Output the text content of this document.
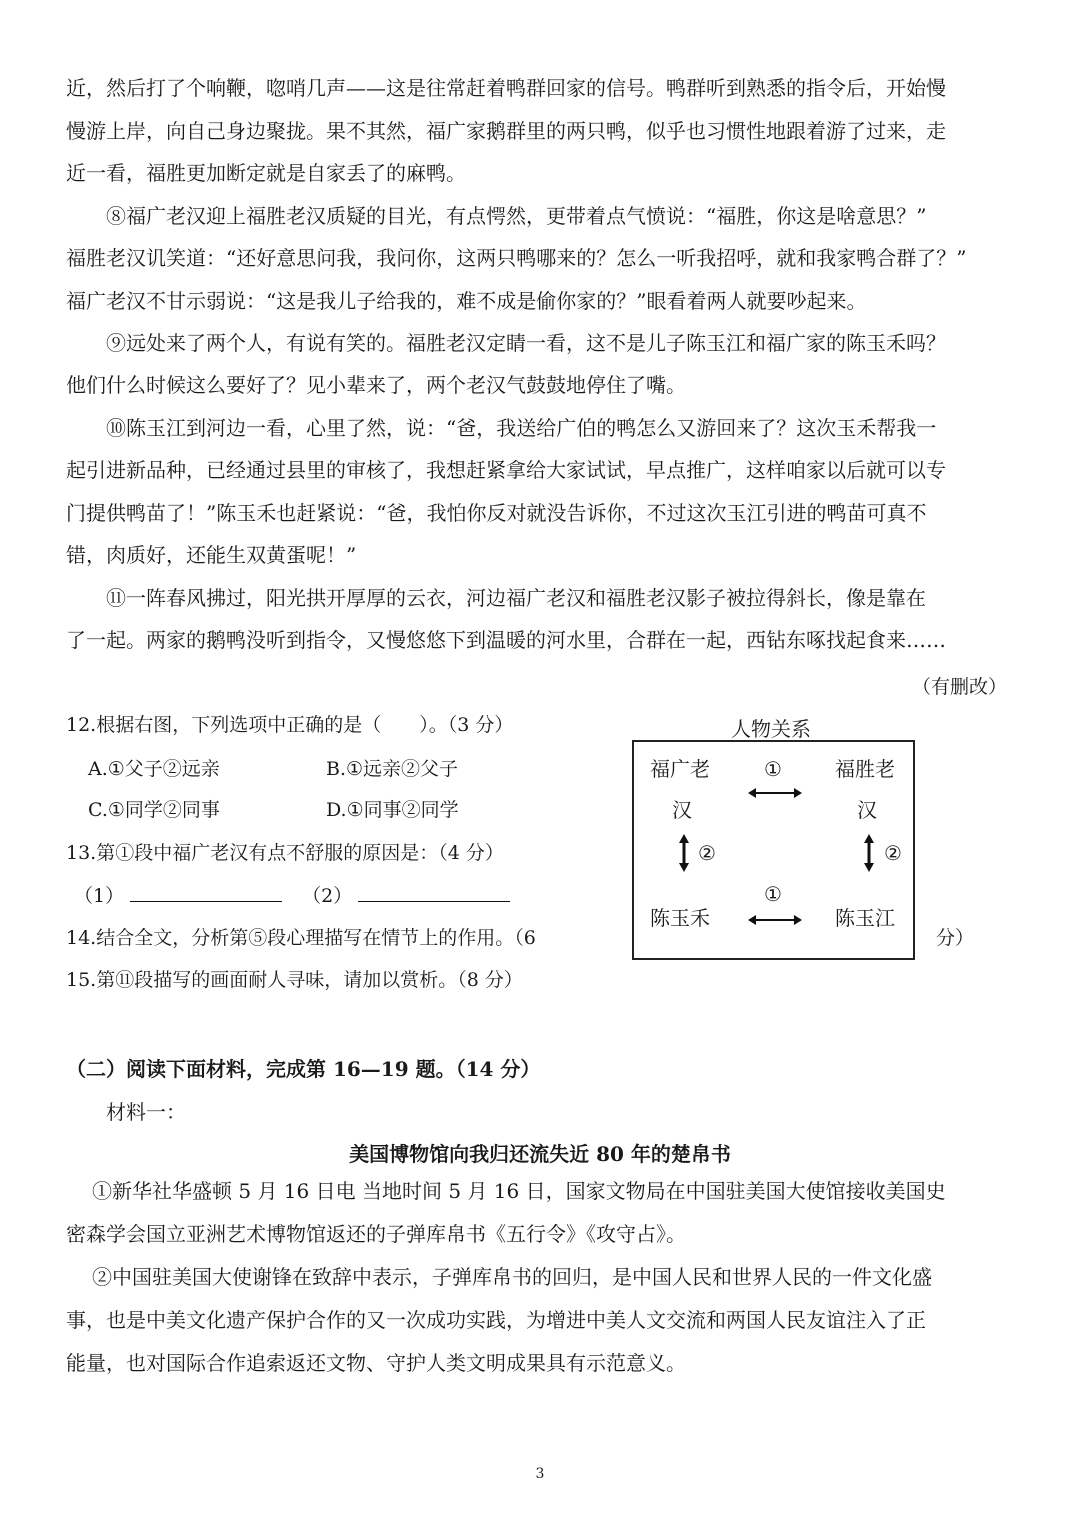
近，然后打了个响鞭，唿哨几声——这是往常赶着鸭群回家的信号。鸭群听到熟悉的指令后，开始慢
慢游上岸，向自己身边聚拢。果不其然，福广家鹅群里的两只鸭，似乎也习惯性地跟着游了过来，走
近一看，福胜更加断定就是自家丢了的麻鸭。
⑧福广老汉迎上福胜老汉质疑的目光，有点愕然，更带着点气愤说：“福胜，你这是啥意思？”
福胜老汉讥笑道：“还好意思问我，我问你，这两只鸭哪来的？怎么一听我招呼，就和我家鸭合群了？”
福广老汉不甘示弱说：“这是我儿子给我的，难不成是偷你家的？”眼看着两人就要吵起来。
⑨远处来了两个人，有说有笑的。福胜老汉定睛一看，这不是儿子陈玉江和福广家的陈玉禾吗？
他们什么时候这么要好了？见小辈来了，两个老汉气鼓鼓地停住了嘴。
⑩陈玉江到河边一看，心里了然，说：“爸，我送给广伯的鸭怎么又游回来了？这次玉禾帮我一
起引进新品种，已经通过县里的审核了，我想赶紧拿给大家试试，早点推广，这样咱家以后就可以专
门提供鸭苗了！”陈玉禾也赶紧说：“爸，我怕你反对就没告诉你，不过这次玉江引进的鸭苗可真不
错，肉质好，还能生双黄蛋呢！”
⑪一阵春风拂过，阳光拱开厚厚的云衣，河边福广老汉和福胜老汉影子被拉得斜长，像是靠在
了一起。两家的鹅鸭没听到指令，又慢悠悠下到温暖的河水里，合群在一起，西钻东啄找起食来……
（有删改）
12.根据右图，下列选项中正确的是（　　）。（3 分）
A.①父子②远亲	B.①远亲②父子
C.①同学②同事	D.①同事②同学
13.第①段中福广老汉有点不舒服的原因是：（4 分）
（1）	（2）
14.结合全文，分析第⑤段心理描写在情节上的作用。（6	分）
15.第⑪段描写的画面耐人寻味，请加以赏析。（8 分）
人物关系
福广老
汉
福胜老
汉
①
②	②
①
陈玉禾	陈玉江
（二）阅读下面材料，完成第 16—19 题。（14 分）
材料一：
美国博物馆向我归还流失近 80 年的楚帛书
①新华社华盛顿 5 月 16 日电 当地时间 5 月 16 日，国家文物局在中国驻美国大使馆接收美国史
密森学会国立亚洲艺术博物馆返还的子弹库帛书《五行令》《攻守占》。
②中国驻美国大使谢锋在致辞中表示，子弹库帛书的回归，是中国人民和世界人民的一件文化盛
事，也是中美文化遗产保护合作的又一次成功实践，为增进中美人文交流和两国人民友谊注入了正
能量，也对国际合作追索返还文物、守护人类文明成果具有示范意义。
3
